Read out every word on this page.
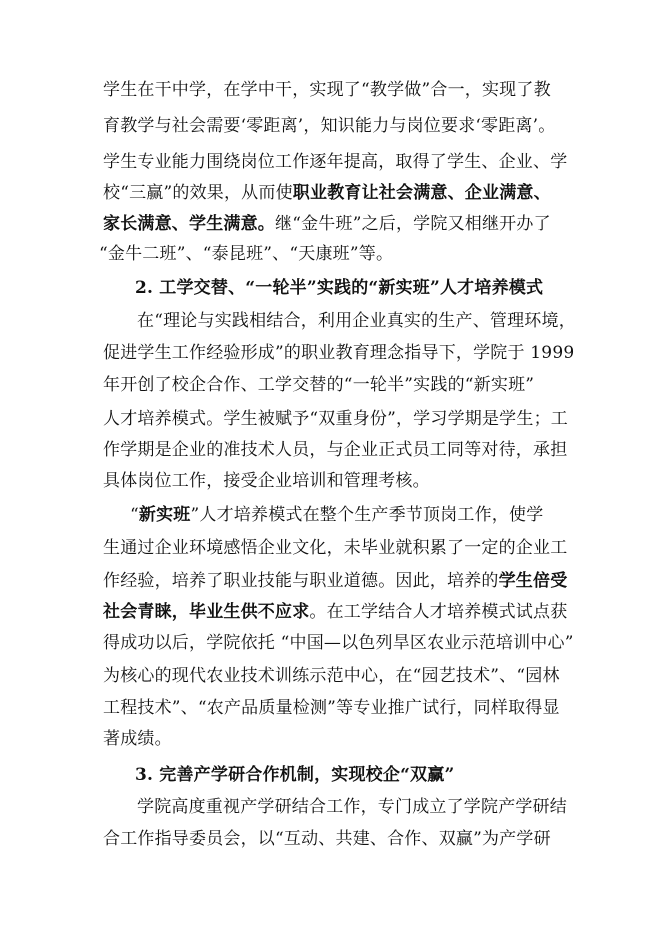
学生在干中学，在学中干，实现了“教学做”合一，实现了教
育教学与社会需要‘零距离’，知识能力与岗位要求‘零距离’。
学生专业能力围绕岗位工作逐年提高，取得了学生、企业、学
校“三赢”的效果，从而使职业教育让社会满意、企业满意、
家长满意、学生满意。继“金牛班”之后，学院又相继开办了
“金牛二班”、“泰昆班”、“天康班”等。
2. 工学交替、“一轮半”实践的“新实班”人才培养模式
在“理论与实践相结合，利用企业真实的生产、管理环境，
促进学生工作经验形成”的职业教育理念指导下，学院于 1999
年开创了校企合作、工学交替的“一轮半”实践的“新实班”
人才培养模式。学生被赋予“双重身份”，学习学期是学生；工
作学期是企业的准技术人员，与企业正式员工同等对待，承担
具体岗位工作，接受企业培训和管理考核。
“新实班”人才培养模式在整个生产季节顶岗工作，使学
生通过企业环境感悟企业文化，未毕业就积累了一定的企业工
作经验，培养了职业技能与职业道德。因此，培养的学生倍受
社会青睐，毕业生供不应求。在工学结合人才培养模式试点获
得成功以后，学院依托 “中国—以色列旱区农业示范培训中心”
为核心的现代农业技术训练示范中心，在“园艺技术”、“园林
工程技术”、“农产品质量检测”等专业推广试行，同样取得显
著成绩。
3. 完善产学研合作机制，实现校企“双赢”
学院高度重视产学研结合工作，专门成立了学院产学研结
合工作指导委员会，以“互动、共建、合作、双赢”为产学研
